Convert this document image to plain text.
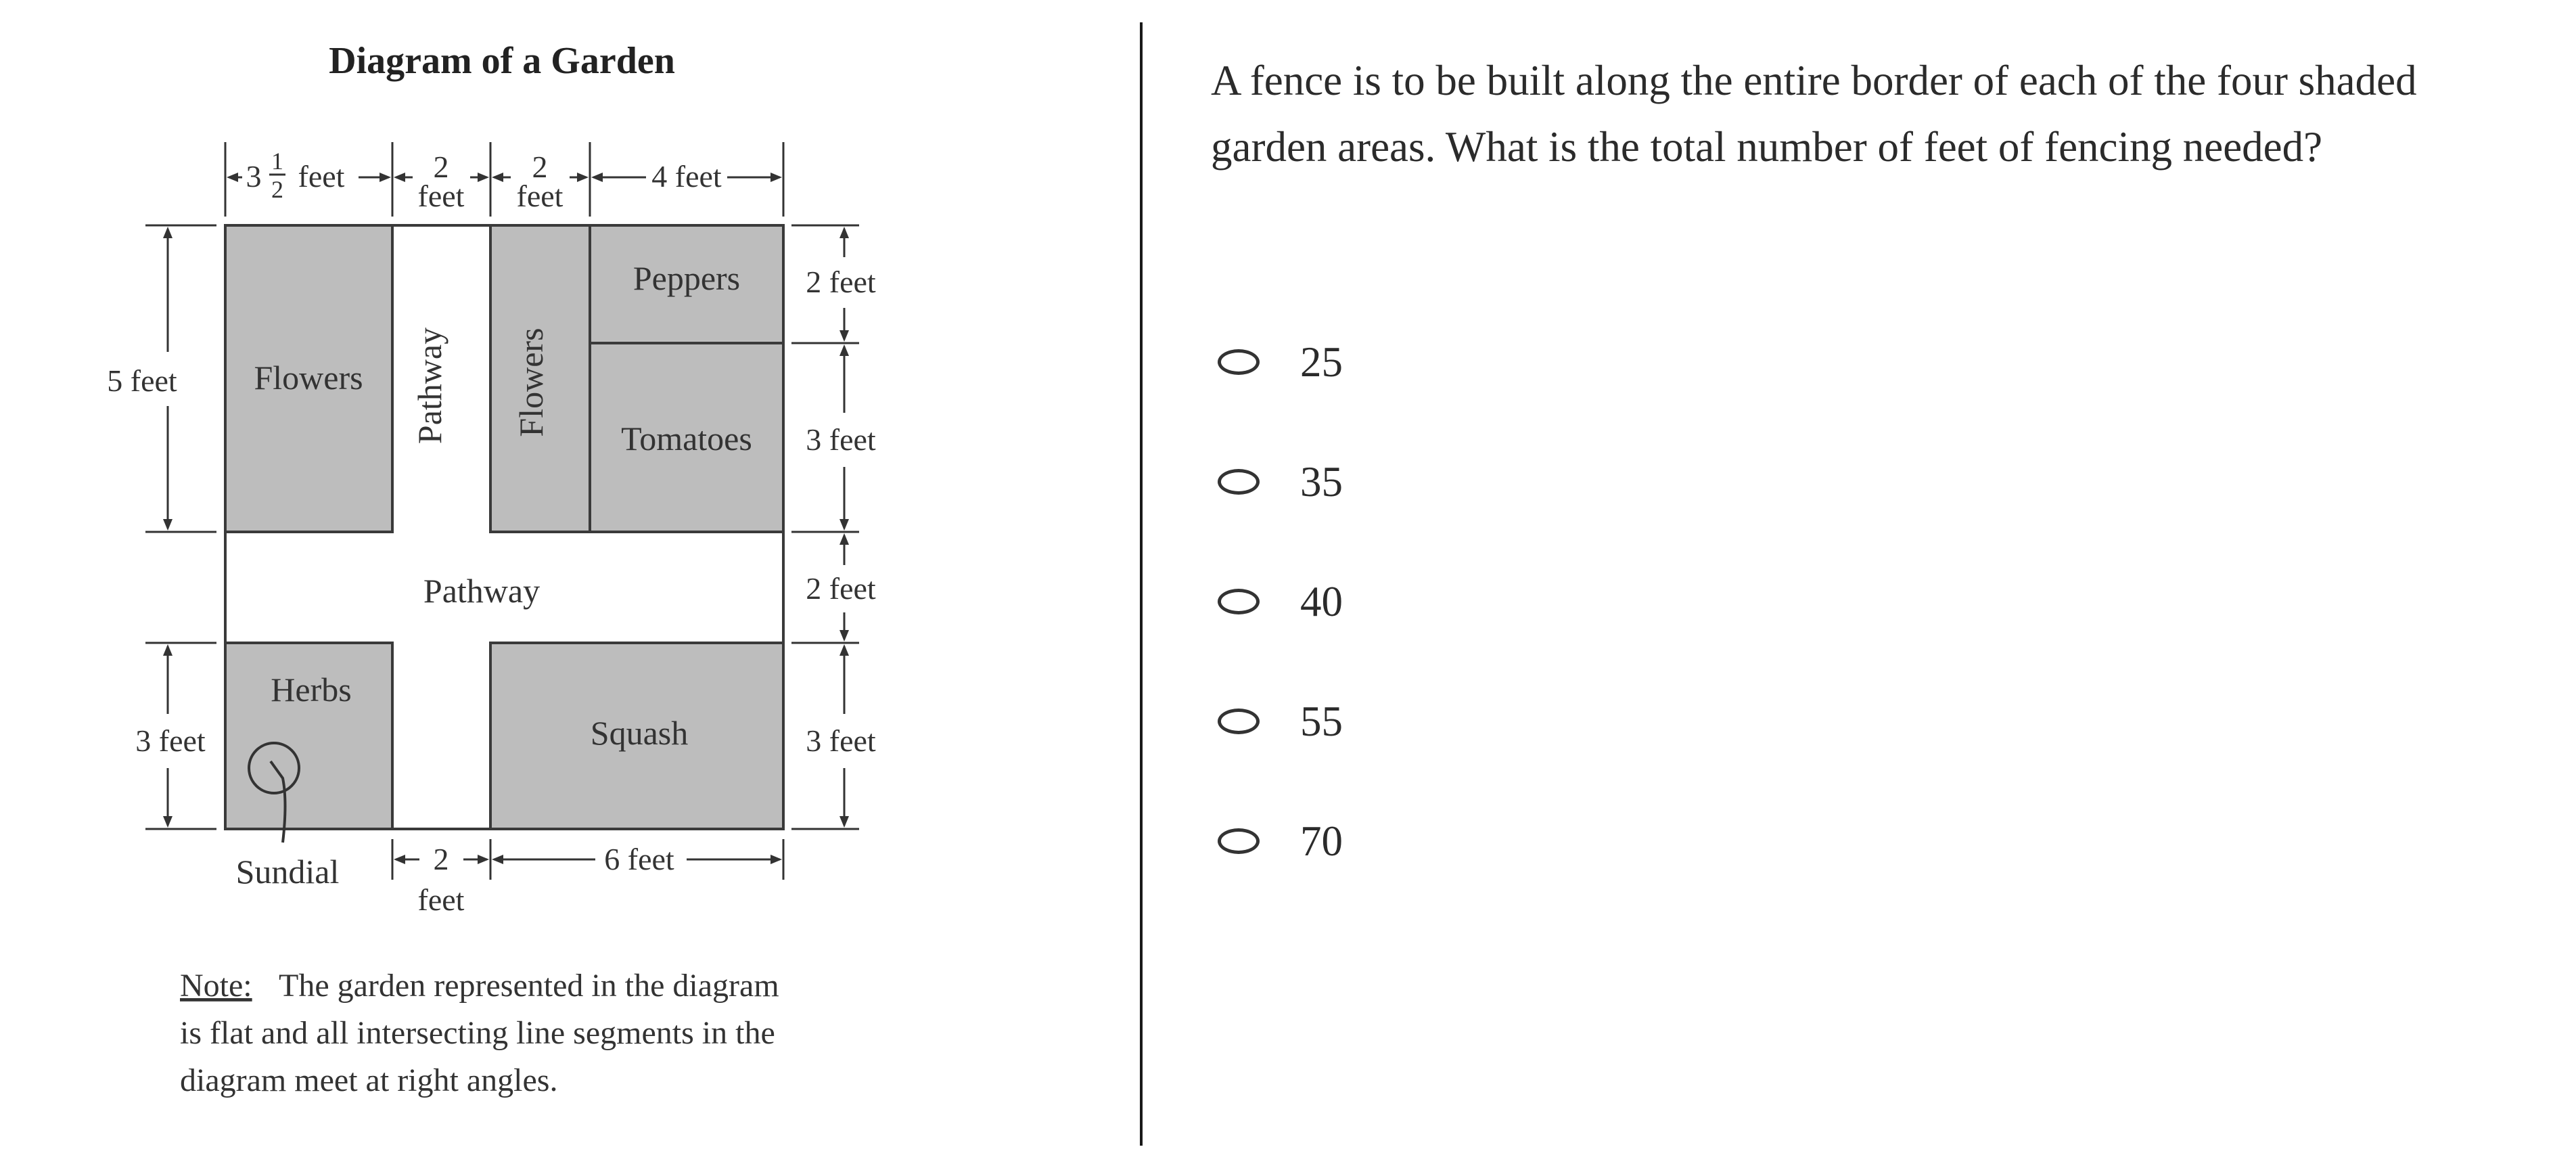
Diagram of a Garden
Flowers Pathway Flowers
Peppers
Tomatoes
Pathway
Herbs
Squash
Sundial
3 1
2 feet	2
feet
2
feet
4 feet
5 feet
3 feet
2 feet
3 feet
2 feet
3 feet
2
feet
6 feet
Note: The garden represented in the diagram
is flat and all intersecting line segments in the
diagram meet at right angles.

A fence is to be built along the entire border of each of the four shaded garden areas. What is the total number of feet of fencing needed?

25
35
40
55
70
